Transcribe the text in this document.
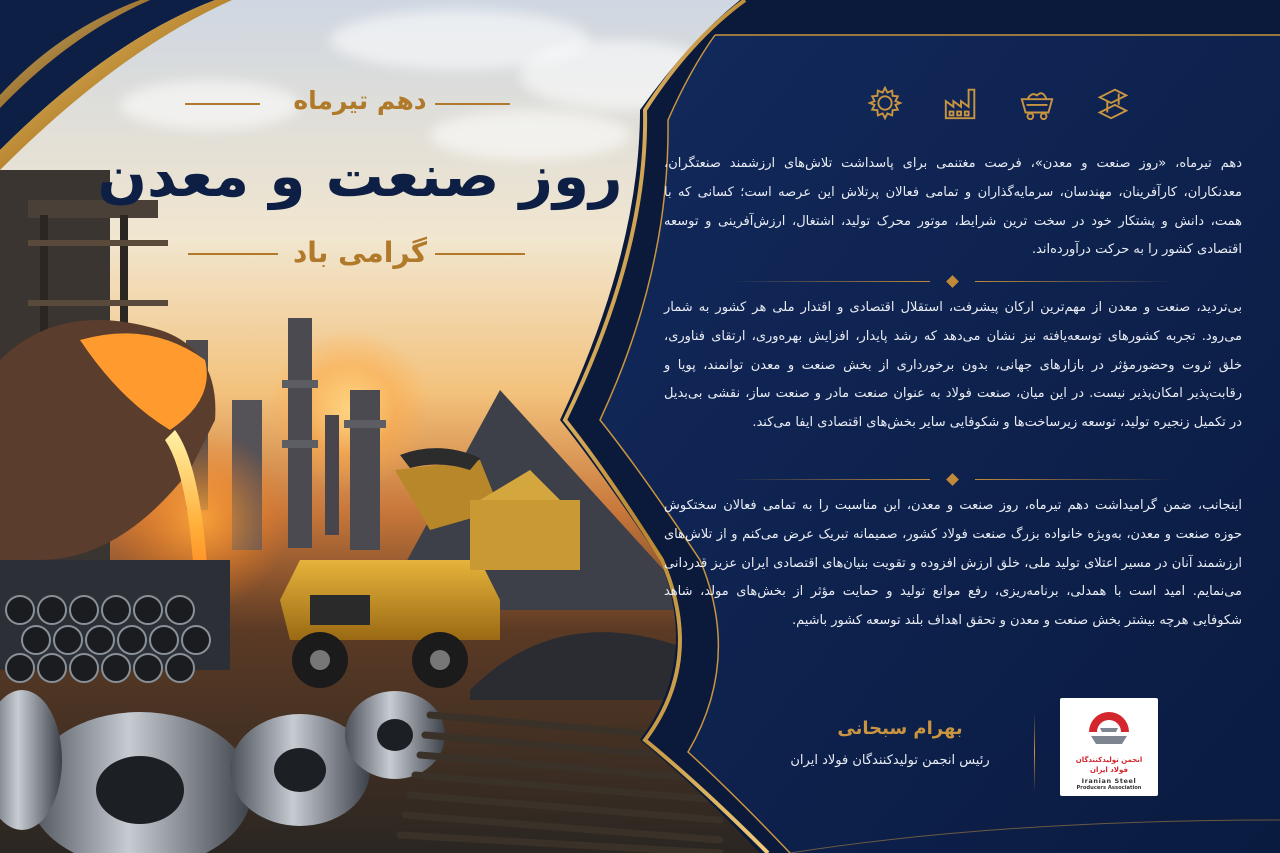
دهم تیرماه
روز صنعت و معدن
گرامی باد
دهم تیرماه، «روز صنعت و معدن»، فرصت مغتنمی برای پاسداشت تلاش‌های ارزشمند صنعتگران، معدنکاران، کارآفرینان، مهندسان، سرمایه‌گذاران و تمامی فعالان پرتلاش این عرصه است؛ کسانی که با همت، دانش و پشتکار خود در سخت ترین شرایط، موتور محرک تولید، اشتغال، ارزش‌آفرینی و توسعه اقتصادی کشور را به حرکت درآورده‌اند.
بی‌تردید، صنعت و معدن از مهم‌ترین ارکان پیشرفت، استقلال اقتصادی و اقتدار ملی هر کشور به شمار می‌رود. تجربه کشورهای توسعه‌یافته نیز نشان می‌دهد که رشد پایدار، افزایش بهره‌وری، ارتقای فناوری، خلق ثروت وحضورمؤثر در بازارهای جهانی، بدون برخورداری از بخش صنعت و معدن توانمند، پویا و رقابت‌پذیر امکان‌پذیر نیست. در این میان، صنعت فولاد به عنوان صنعت مادر و صنعت ساز، نقشی بی‌بدیل در تکمیل زنجیره تولید، توسعه زیرساخت‌ها و شکوفایی سایر بخش‌های اقتصادی ایفا می‌کند.
اینجانب، ضمن گرامیداشت دهم تیرماه، روز صنعت و معدن، این مناسبت را به تمامی فعالان سختکوش حوزه صنعت و معدن، به‌ویژه خانواده بزرگ صنعت فولاد کشور، صمیمانه تبریک عرض می‌کنم و از تلاش‌های ارزشمند آنان در مسیر اعتلای تولید ملی، خلق ارزش افزوده و تقویت بنیان‌های اقتصادی ایران عزیز قدردانی می‌نمایم. امید است با همدلی، برنامه‌ریزی، رفع موانع تولید و حمایت مؤثر از بخش‌های مولد، شاهد شکوفایی هرچه بیشتر بخش صنعت و معدن و تحقق اهداف بلند توسعه کشور باشیم.
بهرام سبحانی
رئیس انجمن تولیدکنندگان فولاد ایران	انجمن تولیدکنندگان
فولاد ایران
Iranian Steel
Producers Association
